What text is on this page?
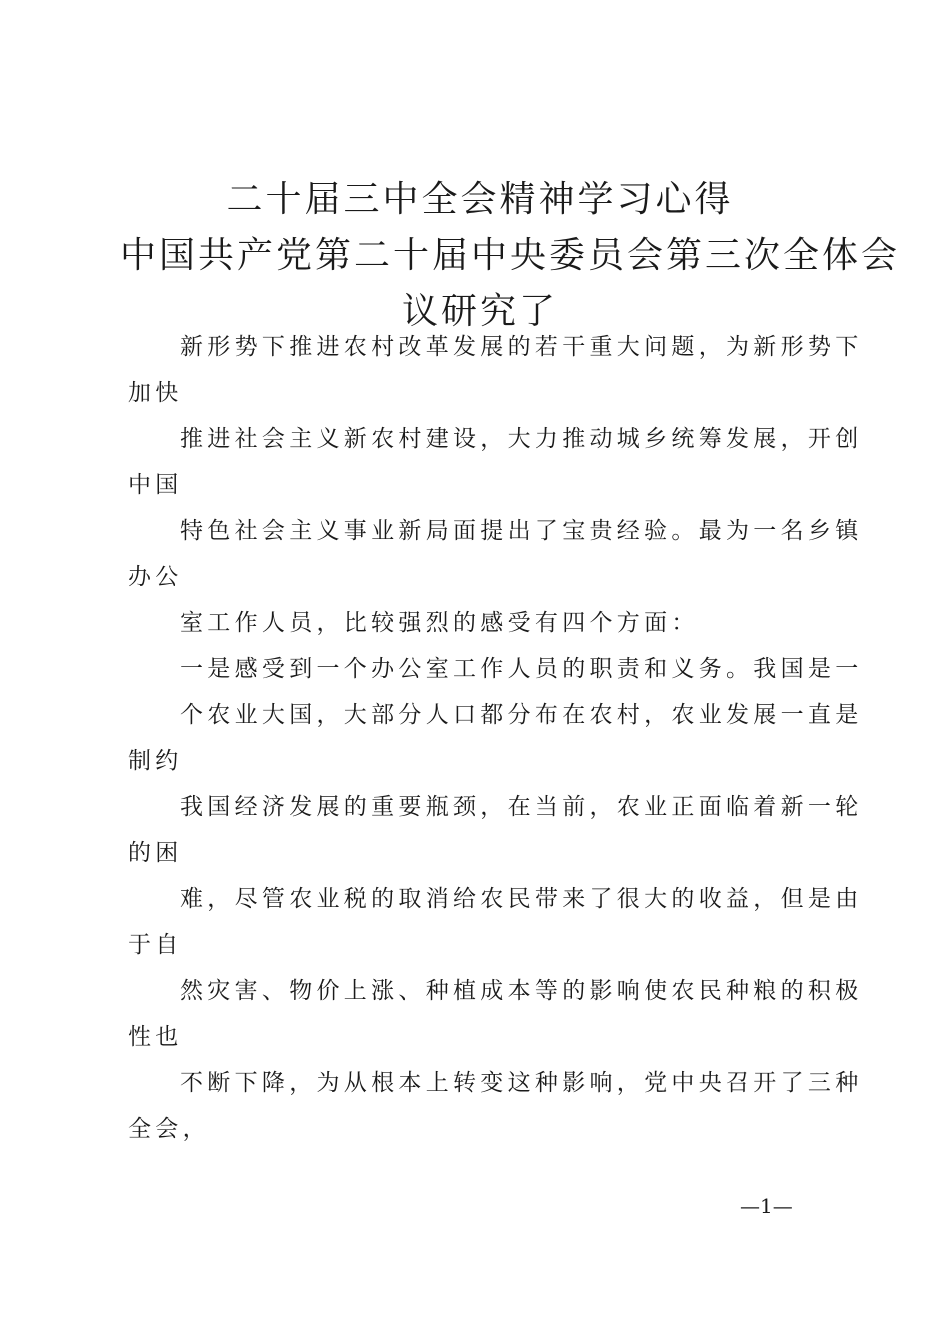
二十届三中全会精神学习心得
中国共产党第二十届中央委员会第三次全体会
议研究了

新形势下推进农村改革发展的若干重大问题，为新形势下
加快

推进社会主义新农村建设，大力推动城乡统筹发展，开创
中国

特色社会主义事业新局面提出了宝贵经验。最为一名乡镇
办公

室工作人员，比较强烈的感受有四个方面：

一是感受到一个办公室工作人员的职责和义务。我国是一

个农业大国，大部分人口都分布在农村，农业发展一直是
制约

我国经济发展的重要瓶颈，在当前，农业正面临着新一轮
的困

难，尽管农业税的取消给农民带来了很大的收益，但是由
于自

然灾害、物价上涨、种植成本等的影响使农民种粮的积极
性也

不断下降，为从根本上转变这种影响，党中央召开了三种
全会，

—1—
